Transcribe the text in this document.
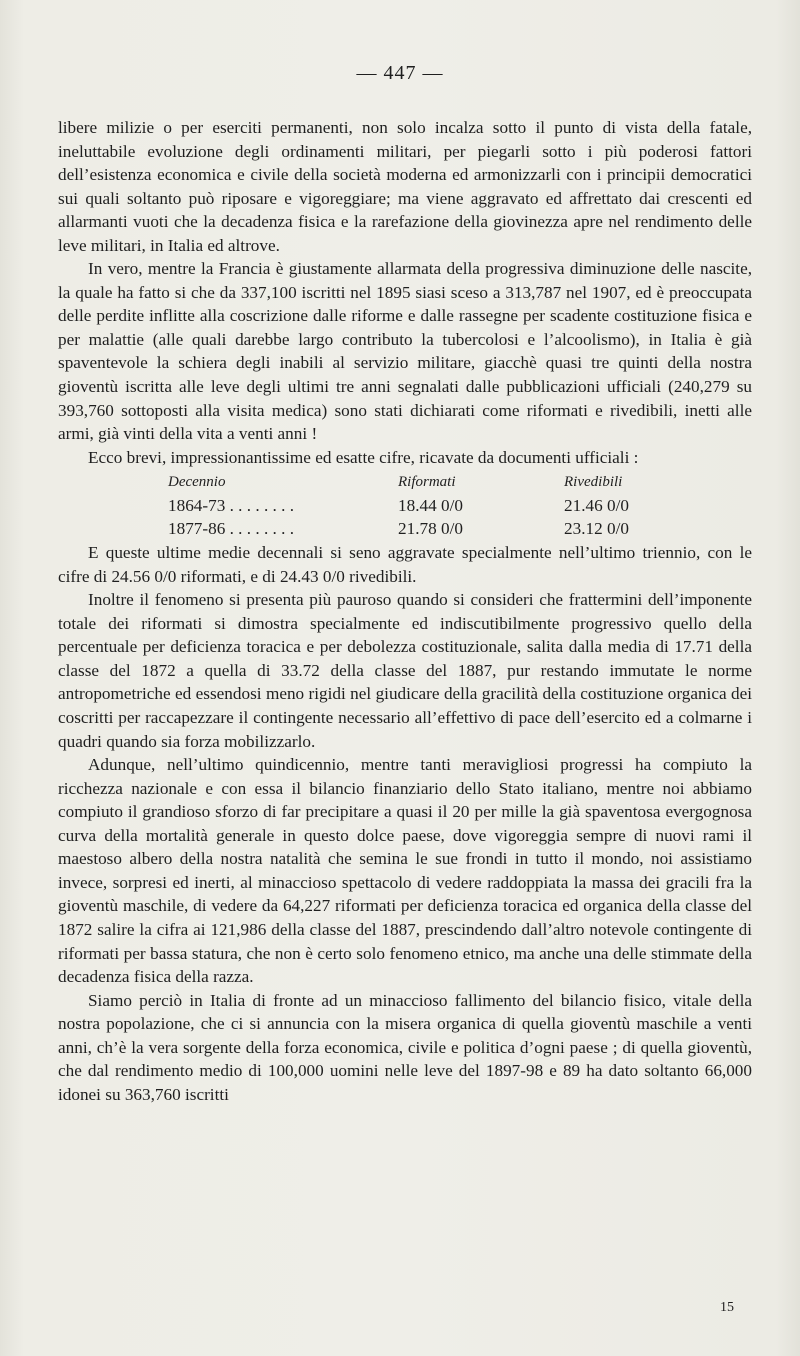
— 447 —

libere milizie o per eserciti permanenti, non solo incalza sotto il punto di vista della fatale, ineluttabile evoluzione degli ordinamenti militari, per piegarli sotto i più poderosi fattori dell’esistenza economica e civile della società moderna ed armonizzarli con i principii democratici sui quali soltanto può riposare e vigoreggiare; ma viene aggravato ed affrettato dai crescenti ed allarmanti vuoti che la decadenza fisica e la rarefazione della giovinezza apre nel rendimento delle leve militari, in Italia ed altrove.

In vero, mentre la Francia è giustamente allarmata della progressiva diminuzione delle nascite, la quale ha fatto si che da 337,100 iscritti nel 1895 siasi sceso a 313,787 nel 1907, ed è preoccupata delle perdite inflitte alla coscrizione dalle riforme e dalle rassegne per scadente costituzione fisica e per malattie (alle quali darebbe largo contributo la tubercolosi e l’alcoolismo), in Italia è già spaventevole la schiera degli inabili al servizio militare, giacchè quasi tre quinti della nostra gioventù iscritta alle leve degli ultimi tre anni segnalati dalle pubblicazioni ufficiali (240,279 su 393,760 sottoposti alla visita medica) sono stati dichiarati come riformati e rivedibili, inetti alle armi, già vinti della vita a venti anni !

Ecco brevi, impressionantissime ed esatte cifre, ricavate da documenti ufficiali :

Decennio	Riformati	Rivedibili
1864-73 . . . . . . . .	18.44 0/0	21.46 0/0
1877-86 . . . . . . . .	21.78 0/0	23.12 0/0

E queste ultime medie decennali si seno aggravate specialmente nell’ultimo triennio, con le cifre di 24.56 0/0 riformati, e di 24.43 0/0 rivedibili.

Inoltre il fenomeno si presenta più pauroso quando si consideri che frattermini dell’imponente totale dei riformati si dimostra specialmente ed indiscutibilmente progressivo quello della percentuale per deficienza toracica e per debolezza costituzionale, salita dalla media di 17.71 della classe del 1872 a quella di 33.72 della classe del 1887, pur restando immutate le norme antropometriche ed essendosi meno rigidi nel giudicare della gracilità della costituzione organica dei coscritti per raccapezzare il contingente necessario all’effettivo di pace dell’esercito ed a colmarne i quadri quando sia forza mobilizzarlo.

Adunque, nell’ultimo quindicennio, mentre tanti meravigliosi progressi ha compiuto la ricchezza nazionale e con essa il bilancio finanziario dello Stato italiano, mentre noi abbiamo compiuto il grandioso sforzo di far precipitare a quasi il 20 per mille la già spaventosa evergognosa curva della mortalità generale in questo dolce paese, dove vigoreggia sempre di nuovi rami il maestoso albero della nostra natalità che semina le sue frondi in tutto il mondo, noi assistiamo invece, sorpresi ed inerti, al minaccioso spettacolo di vedere raddoppiata la massa dei gracili fra la gioventù maschile, di vedere da 64,227 riformati per deficienza toracica ed organica della classe del 1872 salire la cifra ai 121,986 della classe del 1887, prescindendo dall’altro notevole contingente di riformati per bassa statura, che non è certo solo fenomeno etnico, ma anche una delle stimmate della decadenza fisica della razza.

Siamo perciò in Italia di fronte ad un minaccioso fallimento del bilancio fisico, vitale della nostra popolazione, che ci si annuncia con la misera organica di quella gioventù maschile a venti anni, ch’è la vera sorgente della forza economica, civile e politica d’ogni paese ; di quella gioventù, che dal rendimento medio di 100,000 uomini nelle leve del 1897-98 e 89 ha dato soltanto 66,000 idonei su 363,760 iscritti

15
